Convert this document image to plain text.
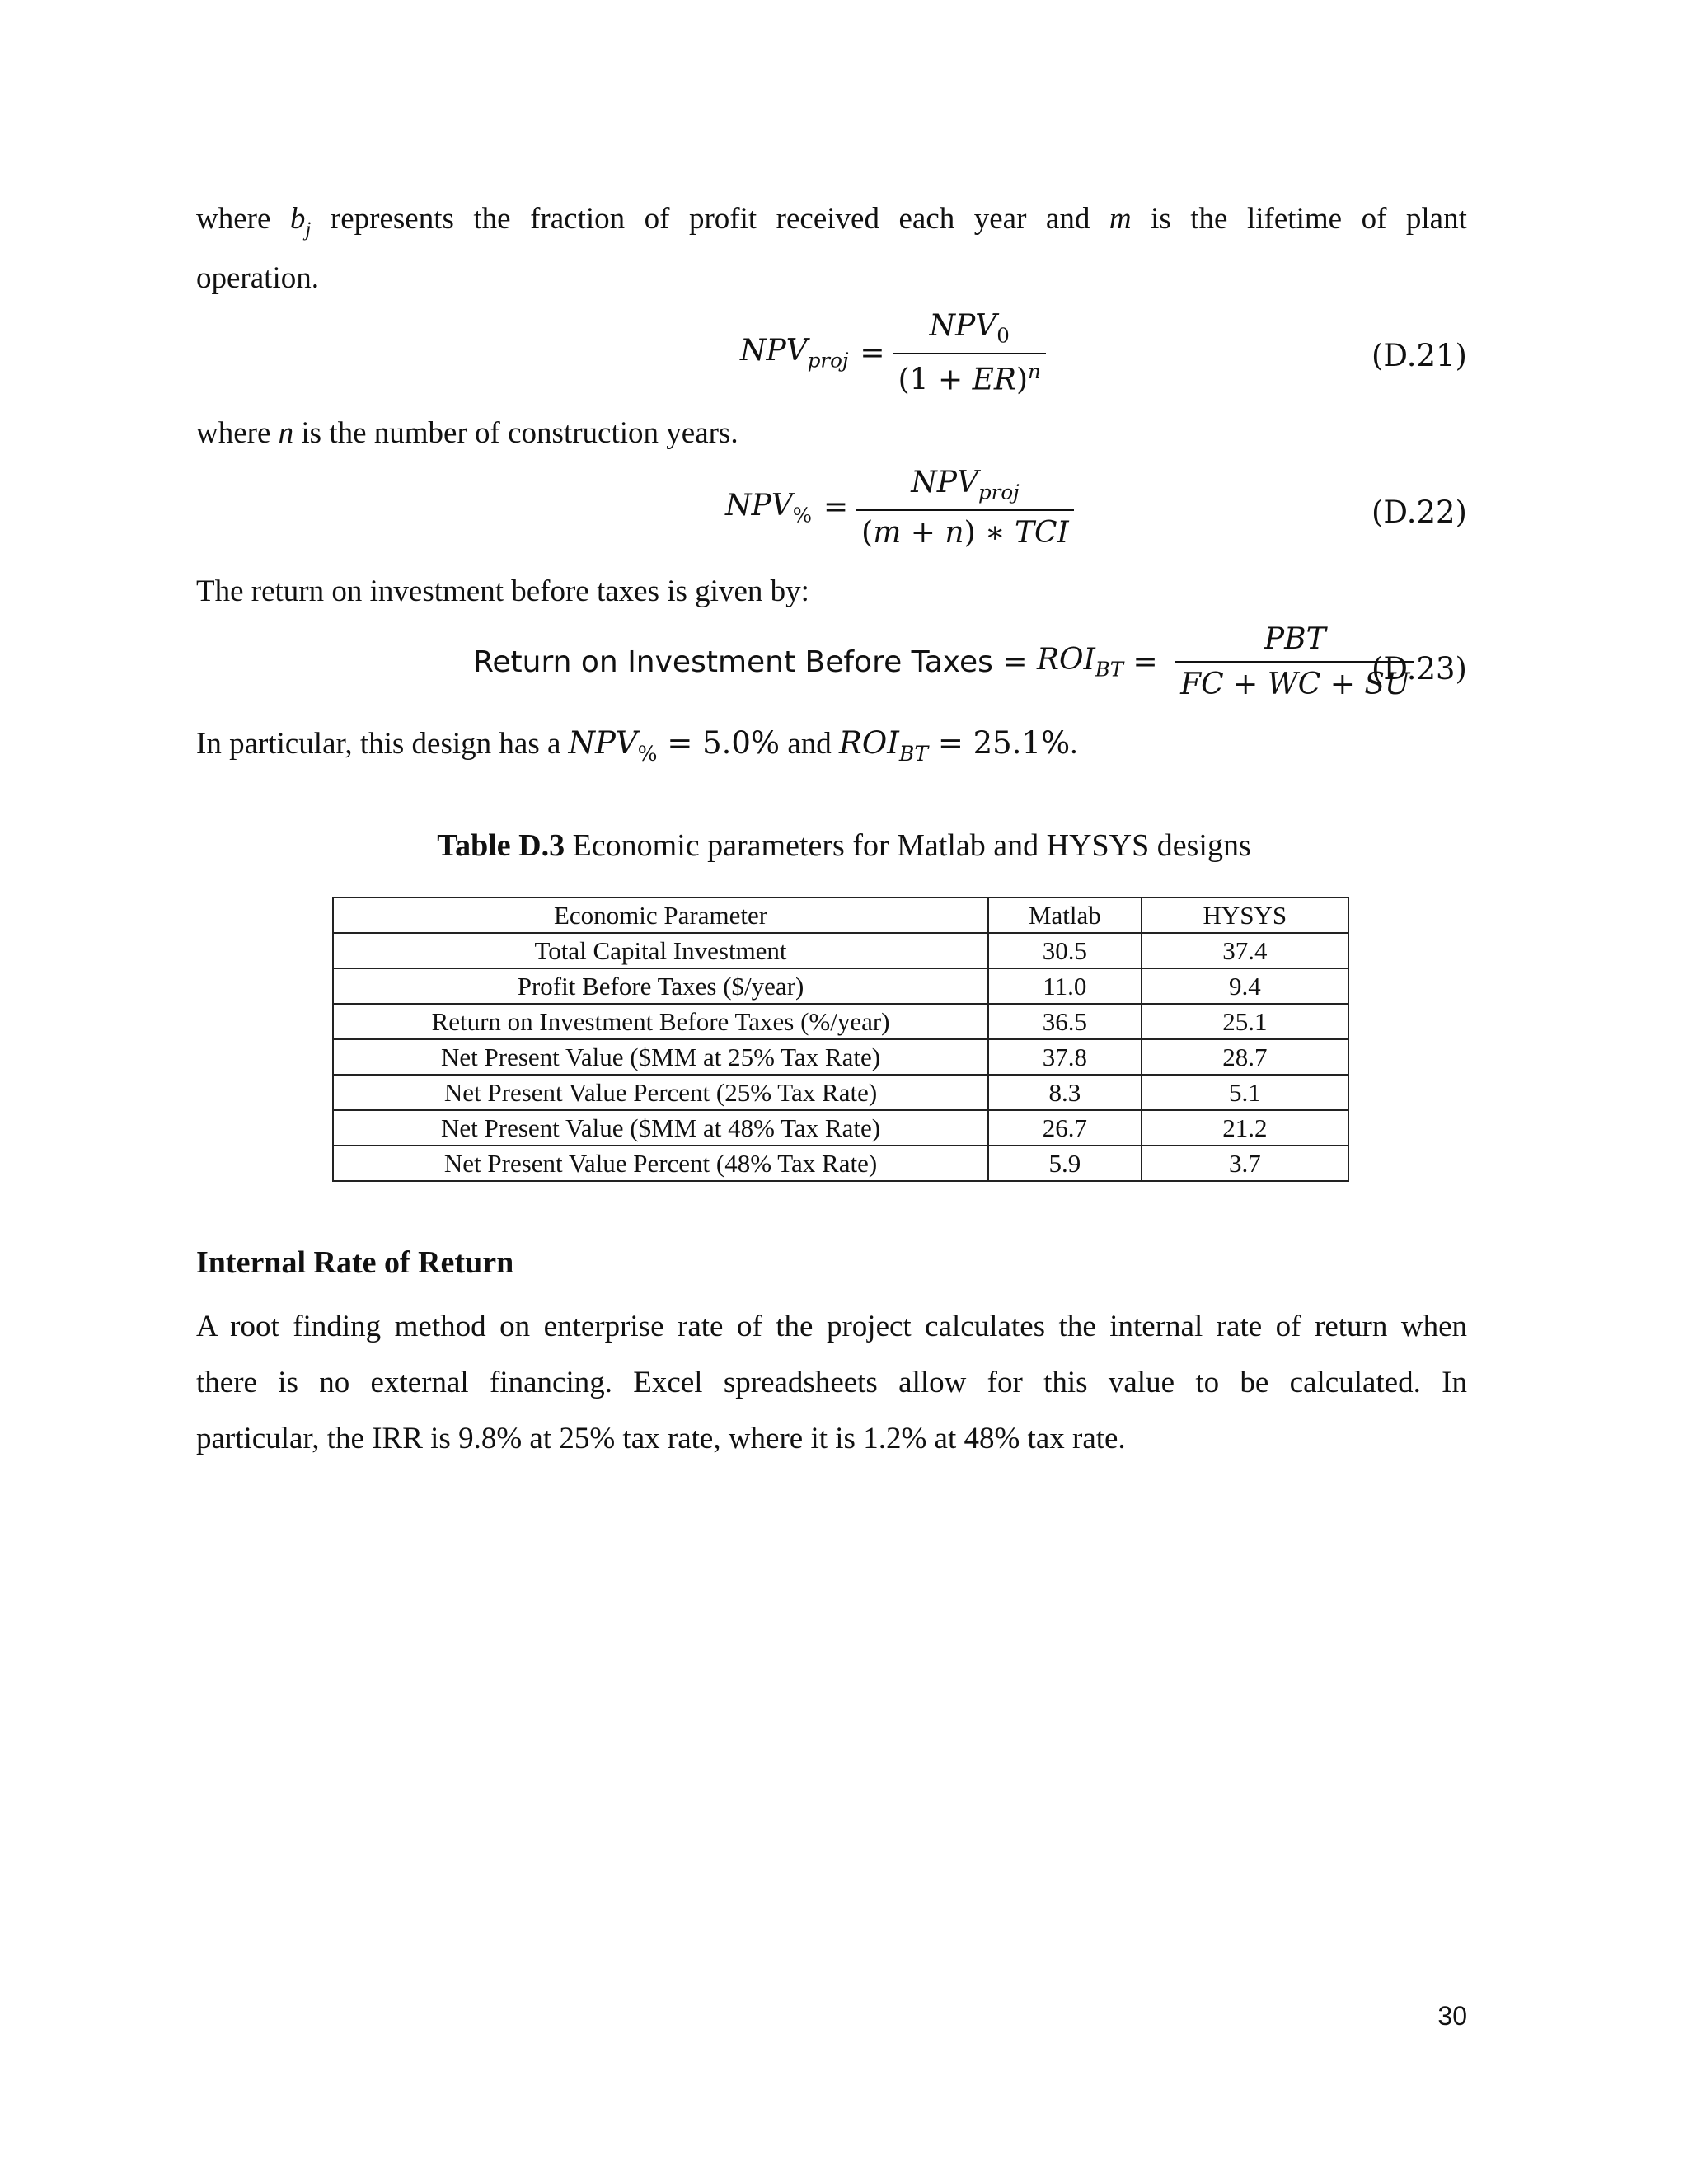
where $b_j$ represents the fraction of profit received each year and m is the lifetime of plant
operation.
$NPV_{proj} = \frac{NPV_0}{(1 + ER)^n}$	(D.21)
where n is the number of construction years.
$NPV_{\%} = \frac{NPV_{proj}}{\text{(m + n) ∗ TCI}}$	(D.22)
The return on investment before taxes is given by:
Return on Investment Before Taxes = $ROI_{BT} = \frac{\text{PBT}}{FC + WC + SU}$
(D.23)
In particular, this design has a $NPV_{\%} = 5.0\%$ and $ROI_{BT} = 25.1\%$.
Table D.3 Economic parameters for Matlab and HYSYS designs
Economic Parameter	Matlab	HYSYS
Total Capital Investment	30.5	37.4
Profit Before Taxes ($/year)	11.0	9.4
Return on Investment Before Taxes (%/year)	36.5	25.1
Net Present Value ($MM at 25% Tax Rate)	37.8	28.7
Net Present Value Percent (25% Tax Rate)	8.3	5.1
Net Present Value ($MM at 48% Tax Rate)	26.7	21.2
Net Present Value Percent (48% Tax Rate)	5.9	3.7
Internal Rate of Return
A root finding method on enterprise rate of the project calculates the internal rate of return when
there is no external financing. Excel spreadsheets allow for this value to be calculated. In
particular, the IRR is 9.8% at 25% tax rate, where it is 1.2% at 48% tax rate.
30
